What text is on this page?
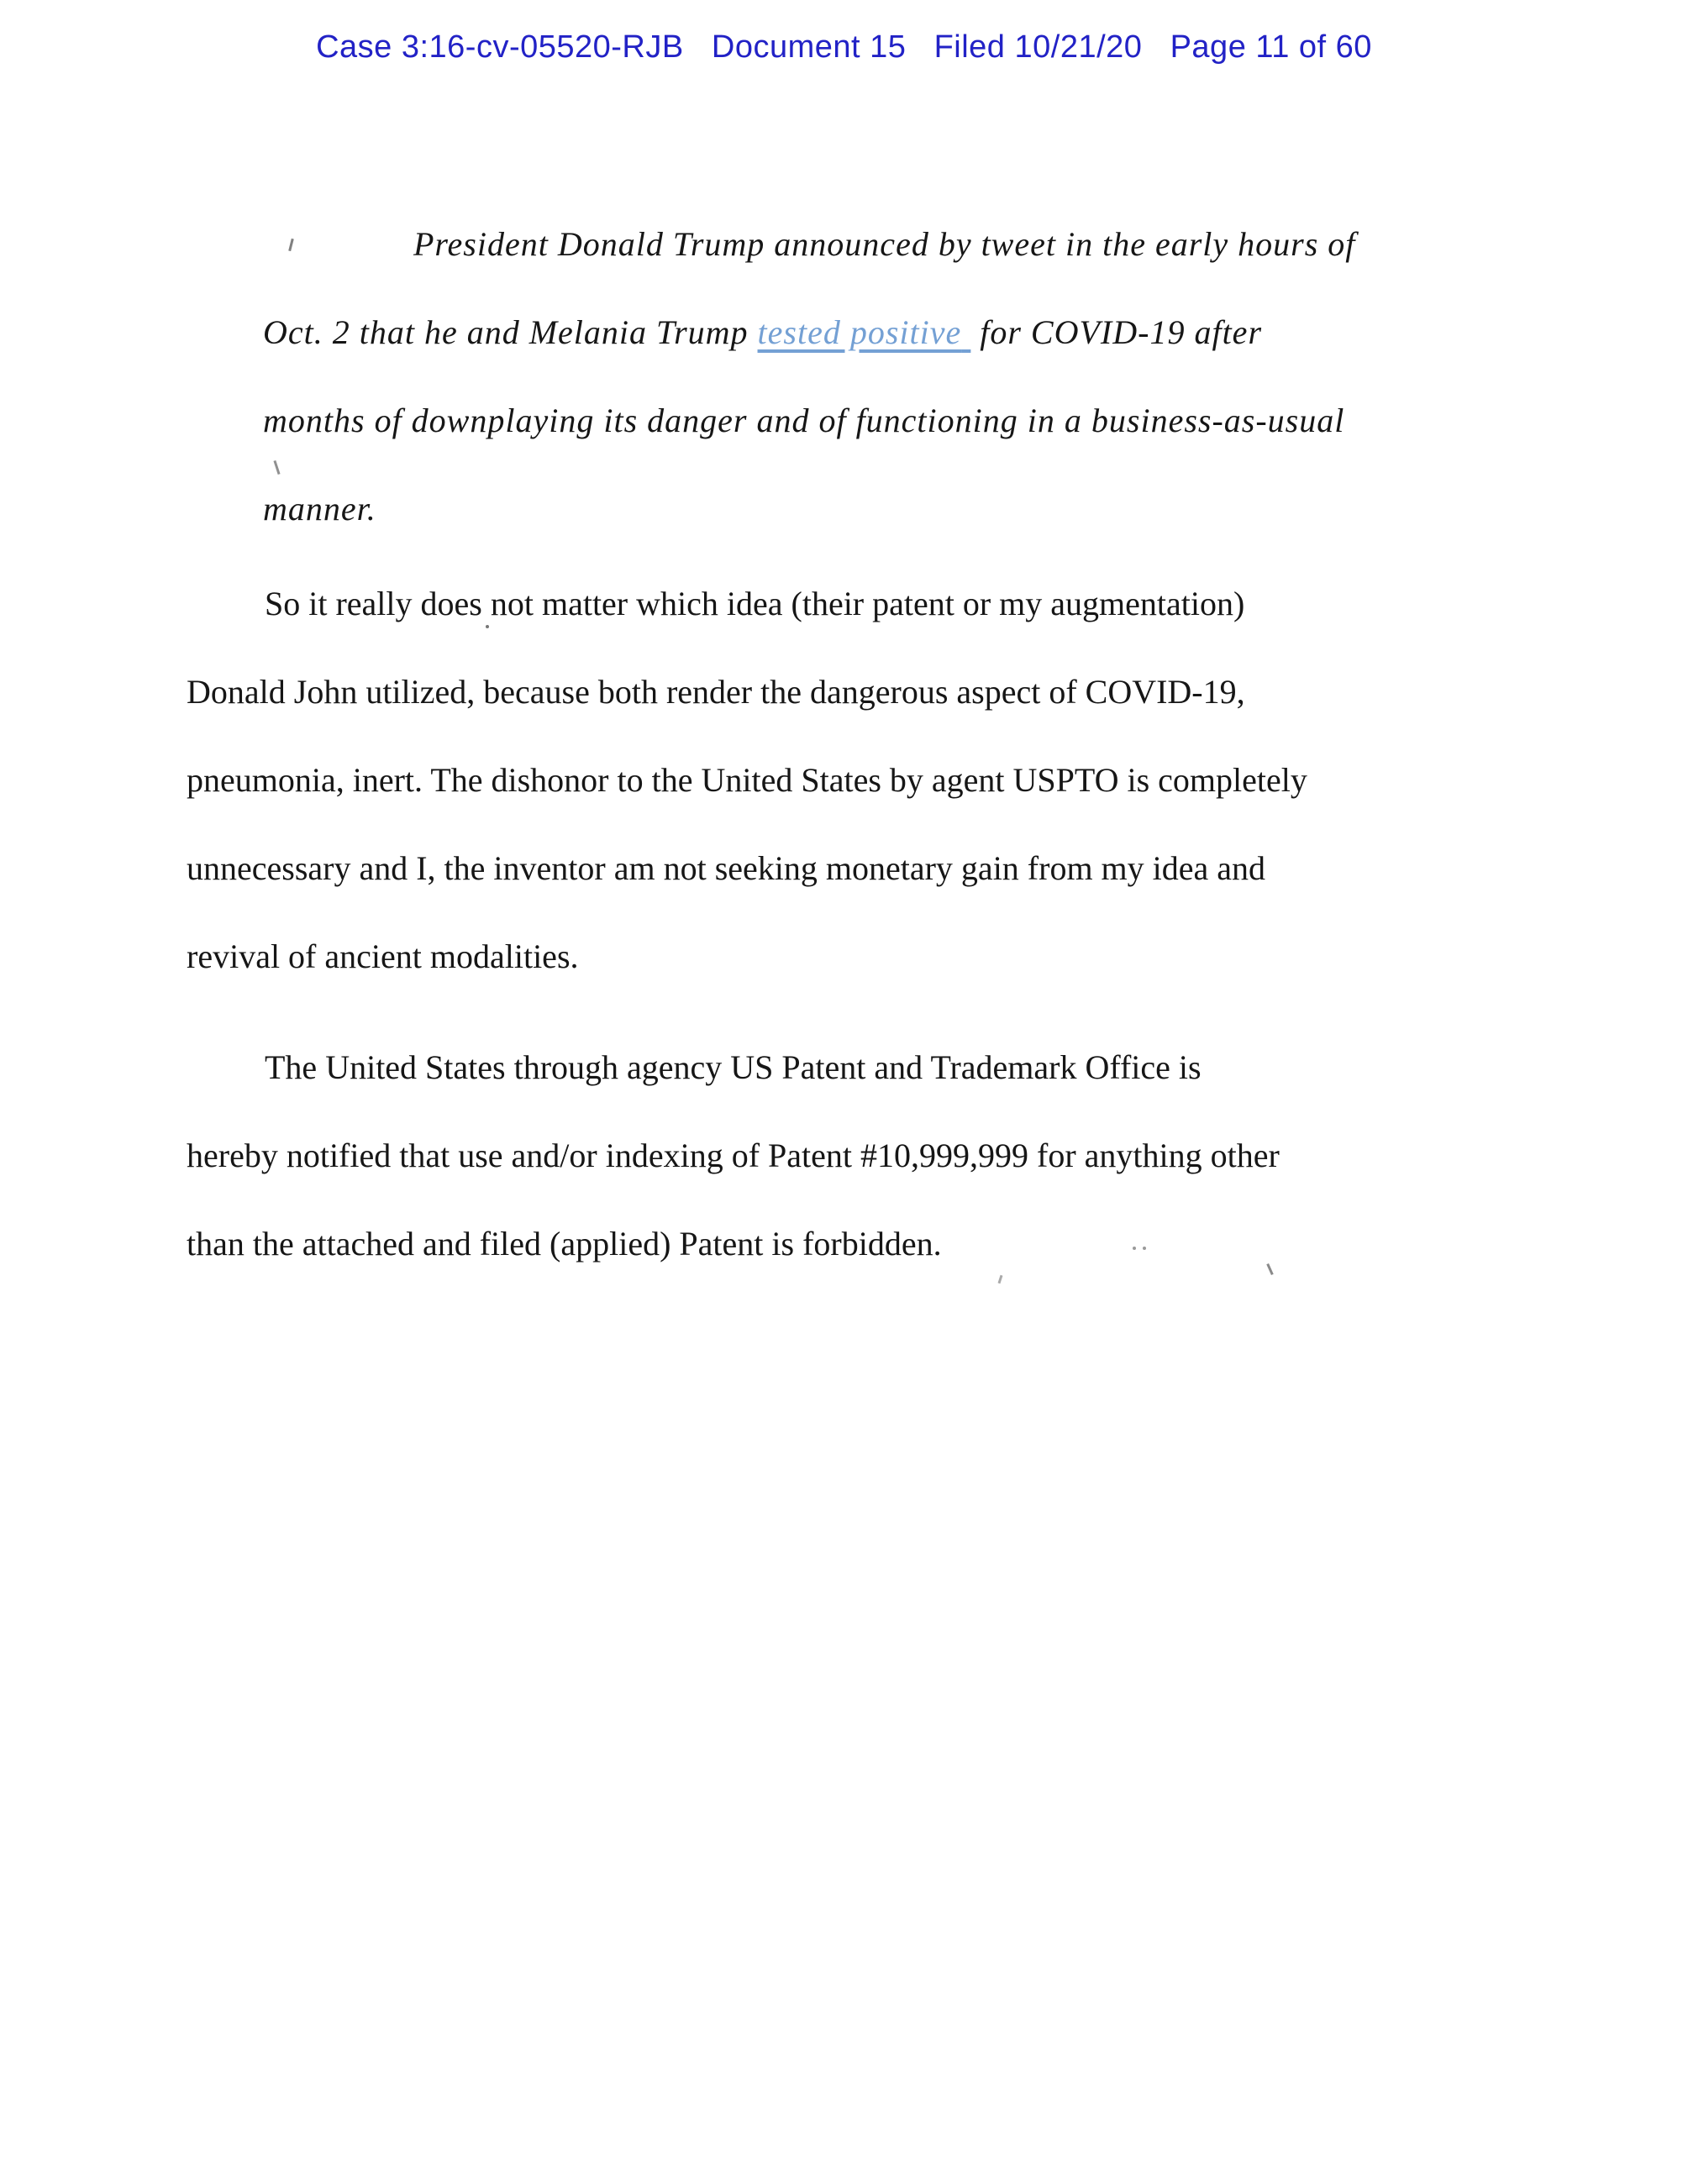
Case 3:16-cv-05520-RJB   Document 15   Filed 10/21/20   Page 11 of 60
President Donald Trump announced by tweet in the early hours of
Oct. 2 that he and Melania Trump tested positive for COVID-19 after
months of downplaying its danger and of functioning in a business-as-usual
manner.
So it really does not matter which idea (their patent or my augmentation)
Donald John utilized, because both render the dangerous aspect of COVID-19,
pneumonia, inert. The dishonor to the United States by agent USPTO is completely
unnecessary and I, the inventor am not seeking monetary gain from my idea and
revival of ancient modalities.
The United States through agency US Patent and Trademark Office is
hereby notified that use and/or indexing of Patent #10,999,999 for anything other
than the attached and filed (applied) Patent is forbidden.
